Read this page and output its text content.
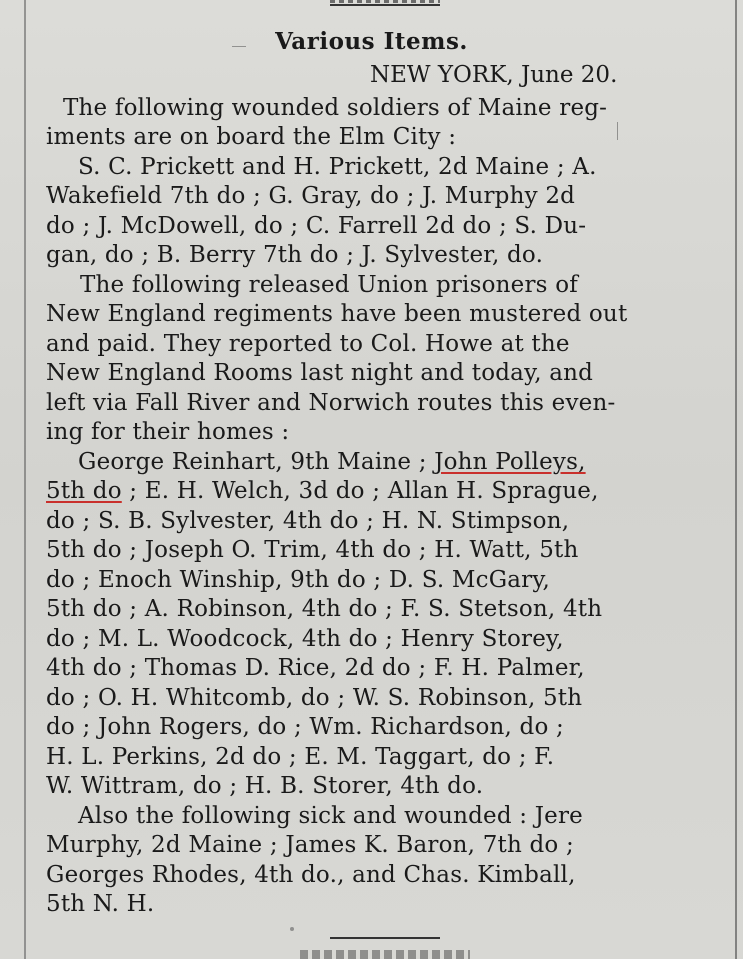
Various Items.

NEW YORK, June 20.

The following wounded soldiers of Maine reg-

iments are on board the Elm City :

S. C. Prickett and H. Prickett, 2d Maine ; A.

Wakefield 7th do ; G. Gray, do ; J. Murphy 2d

do ; J. McDowell, do ; C. Farrell 2d do ; S. Du-

gan, do ; B. Berry 7th do ; J. Sylvester, do.

The following released Union prisoners of

New England regiments have been mustered out

and paid. They reported to Col. Howe at the

New England Rooms last night and today, and

left via Fall River and Norwich routes this even-

ing for their homes :

George Reinhart, 9th Maine ; John Polleys,

5th do ; E. H. Welch, 3d do ; Allan H. Sprague,

do ; S. B. Sylvester, 4th do ; H. N. Stimpson,

5th do ; Joseph O. Trim, 4th do ; H. Watt, 5th

do ; Enoch Winship, 9th do ; D. S. McGary,

5th do ; A. Robinson, 4th do ; F. S. Stetson, 4th

do ; M. L. Woodcock, 4th do ; Henry Storey,

4th do ; Thomas D. Rice, 2d do ; F. H. Palmer,

do ; O. H. Whitcomb, do ; W. S. Robinson, 5th

do ; John Rogers, do ; Wm. Richardson, do ;

H. L. Perkins, 2d do ; E. M. Taggart, do ; F.

W. Wittram, do ; H. B. Storer, 4th do.

Also the following sick and wounded : Jere

Murphy, 2d Maine ; James K. Baron, 7th do ;

Georges Rhodes, 4th do., and Chas. Kimball,

5th N. H.
